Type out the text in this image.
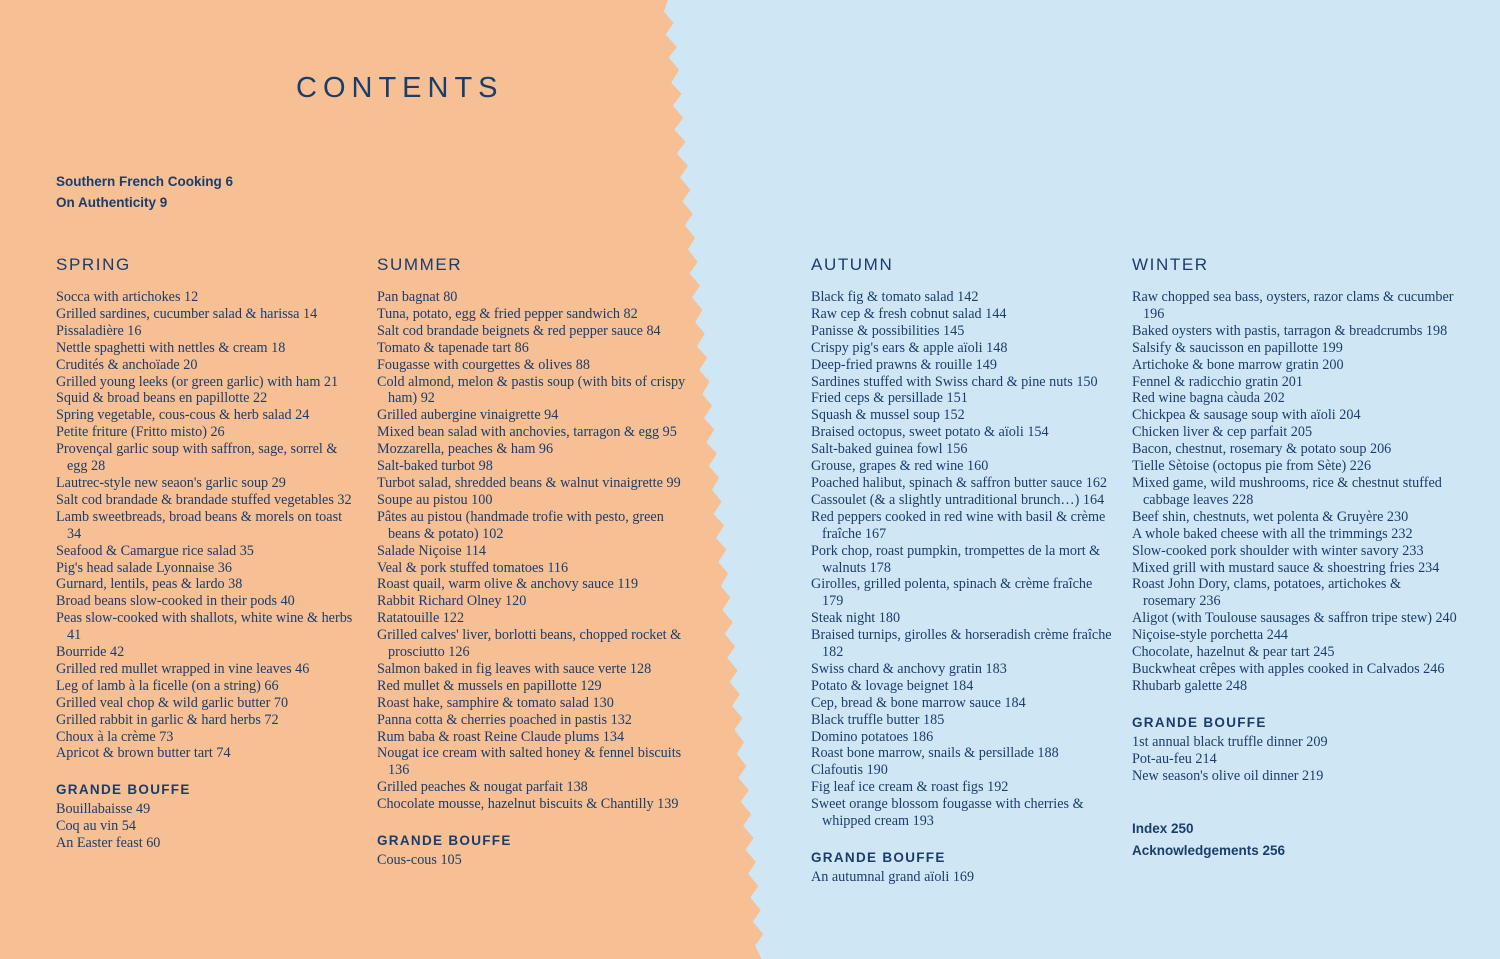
CONTENTS
Southern French Cooking 6
On Authenticity 9
SPRING

Socca with artichokes 12

Grilled sardines, cucumber salad & harissa 14

Pissaladière 16

Nettle spaghetti with nettles & cream 18

Crudités & anchoïade 20

Grilled young leeks (or green garlic) with ham 21

Squid & broad beans en papillotte 22

Spring vegetable, cous-cous & herb salad 24

Petite friture (Fritto misto) 26

Provençal garlic soup with saffron, sage, sorrel & egg 28

Lautrec-style new seaon's garlic soup 29

Salt cod brandade & brandade stuffed vegetables 32

Lamb sweetbreads, broad beans & morels on toast 34

Seafood & Camargue rice salad 35

Pig's head salade Lyonnaise 36

Gurnard, lentils, peas & lardo 38

Broad beans slow-cooked in their pods 40

Peas slow-cooked with shallots, white wine & herbs 41

Bourride 42

Grilled red mullet wrapped in vine leaves 46

Leg of lamb à la ficelle (on a string) 66

Grilled veal chop & wild garlic butter 70

Grilled rabbit in garlic & hard herbs 72

Choux à la crème 73

Apricot & brown butter tart 74

GRANDE BOUFFE

Bouillabaisse 49

Coq au vin 54

An Easter feast 60

SUMMER

Pan bagnat 80

Tuna, potato, egg & fried pepper sandwich 82

Salt cod brandade beignets & red pepper sauce 84

Tomato & tapenade tart 86

Fougasse with courgettes & olives 88

Cold almond, melon & pastis soup (with bits of crispy ham) 92

Grilled aubergine vinaigrette 94

Mixed bean salad with anchovies, tarragon & egg 95

Mozzarella, peaches & ham 96

Salt-baked turbot 98

Turbot salad, shredded beans & walnut vinaigrette 99

Soupe au pistou 100

Pâtes au pistou (handmade trofie with pesto, green beans & potato) 102

Salade Niçoise 114

Veal & pork stuffed tomatoes 116

Roast quail, warm olive & anchovy sauce 119

Rabbit Richard Olney 120

Ratatouille 122

Grilled calves' liver, borlotti beans, chopped rocket & prosciutto 126

Salmon baked in fig leaves with sauce verte 128

Red mullet & mussels en papillotte 129

Roast hake, samphire & tomato salad 130

Panna cotta & cherries poached in pastis 132

Rum baba & roast Reine Claude plums 134

Nougat ice cream with salted honey & fennel biscuits 136

Grilled peaches & nougat parfait 138

Chocolate mousse, hazelnut biscuits & Chantilly 139

GRANDE BOUFFE

Cous-cous 105

AUTUMN

Black fig & tomato salad 142

Raw cep & fresh cobnut salad 144

Panisse & possibilities 145

Crispy pig's ears & apple aïoli 148

Deep-fried prawns & rouille 149

Sardines stuffed with Swiss chard & pine nuts 150

Fried ceps & persillade 151

Squash & mussel soup 152

Braised octopus, sweet potato & aïoli 154

Salt-baked guinea fowl 156

Grouse, grapes & red wine 160

Poached halibut, spinach & saffron butter sauce 162

Cassoulet (& a slightly untraditional brunch…) 164

Red peppers cooked in red wine with basil & crème fraîche 167

Pork chop, roast pumpkin, trompettes de la mort & walnuts 178

Girolles, grilled polenta, spinach & crème fraîche 179

Steak night 180

Braised turnips, girolles & horseradish crème fraîche 182

Swiss chard & anchovy gratin 183

Potato & lovage beignet 184

Cep, bread & bone marrow sauce 184

Black truffle butter 185

Domino potatoes 186

Roast bone marrow, snails & persillade 188

Clafoutis 190

Fig leaf ice cream & roast figs 192

Sweet orange blossom fougasse with cherries & whipped cream 193

GRANDE BOUFFE

An autumnal grand aïoli 169

WINTER

Raw chopped sea bass, oysters, razor clams & cucumber 196

Baked oysters with pastis, tarragon & breadcrumbs 198

Salsify & saucisson en papillotte 199

Artichoke & bone marrow gratin 200

Fennel & radicchio gratin 201

Red wine bagna càuda 202

Chickpea & sausage soup with aïoli 204

Chicken liver & cep parfait 205

Bacon, chestnut, rosemary & potato soup 206

Tielle Sètoise (octopus pie from Sète) 226

Mixed game, wild mushrooms, rice & chestnut stuffed cabbage leaves 228

Beef shin, chestnuts, wet polenta & Gruyère 230

A whole baked cheese with all the trimmings 232

Slow-cooked pork shoulder with winter savory 233

Mixed grill with mustard sauce & shoestring fries 234

Roast John Dory, clams, potatoes, artichokes & rosemary 236

Aligot (with Toulouse sausages & saffron tripe stew) 240

Niçoise-style porchetta 244

Chocolate, hazelnut & pear tart 245

Buckwheat crêpes with apples cooked in Calvados 246

Rhubarb galette 248

GRANDE BOUFFE

1st annual black truffle dinner 209

Pot-au-feu 214

New season's olive oil dinner 219

Index 250
Acknowledgements 256
